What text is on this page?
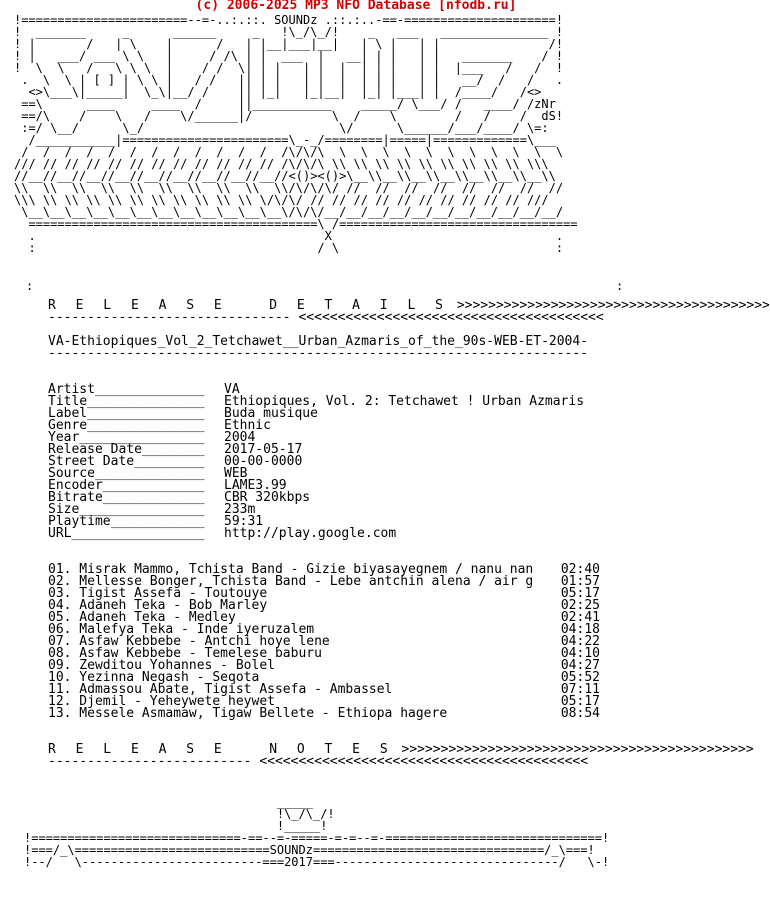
(c) 2006-2025 MP3 NFO Database [nfodb.ru]
!=======================--=-..:.::. SOUNDz .::.:..-==-=====================!
!  _______     _      ______     _   !\_/\_/!    _   ___   _______________ !
! |       /   | \    |      /   | |__|___|__|   | \ |   | |               /!
! |   ___/ ___ \ \   |     / /\ | |  ___  |   __| | |   | |   _______    / !
!  \  \   /   \ \ \  |    / /  \| | |   | |  |  | | |   | |  |___   /   /  !
.  \  \ | [ ] | \ \ |   / /   || | |   | |  |  | | |   | |   __/  /   /   .
<>\___\|_____|  \_\|__/ /    || |_|   |_|__|  |_| |___| |  /____/   /<>
==\      ____     ____  /     ||___________    _____/ \___/ /   ____/ /zNr
==/\    /    \   /    \/______|/           \  /    \        /   /    /  dS!
:=/ \__/      \_/                           \/      \______/___/____/ \=:
/___________|=======================\_-_/========|=====|=============\___
/  /  /  /  /  /  /  /  /  /  /  /  /\/\/\  \  \  \  \  \  \  \  \  \  \  \
/// // // // // // // // // // // // /\/\/\ \\ \\ \\ \\ \\ \\ \\ \\ \\ \\\
//__//__//__//__//__//__//__//__//__//<()><()>\__\\__\\__\\__\\__\\__\\__\\
\\  \\  \\  \\  \\  \\  \\  \\  \\  \\/\/\/\/ //  //  //  //  //  //  //  //
\\\ \\ \\ \\ \\ \\ \\ \\ \\ \\ \\ \/\/\/ // // // // // // // // // // ///
\__\__\__\__\__\__\__\__\__\__\__\__\/\/\/__/__/__/__/__/__/__/__/__/__/__/
========================================\ /=================================
.                                        X                               .
:                                       / \                              :
:	:
R E L E A S E   D E T A I L S >>>>>>>>>>>>>>>>>>>>>>>>>>>>>>>>>>>>>>>>
------------------------------- <<<<<<<<<<<<<<<<<<<<<<<<<<<<<<<<<<<<<<<
VA-Ethiopiques_Vol_2_Tetchawet__Urban_Azmaris_of_the_90s-WEB-ET-2004-
---------------------------------------------------------------------
Artist______________	VA
Title_______________	Ethiopiques, Vol. 2: Tetchawet ! Urban Azmaris
Label_______________	Buda musique
Genre_______________	Ethnic
Year________________	2004
Release Date________	2017-05-17
Street Date_________	00-00-0000
Source______________	WEB
Encoder_____________	LAME3.99
Bitrate_____________	CBR 320kbps
Size________________	233m
Playtime____________	59:31
URL_________________	http://play.google.com
01. Misrak Mammo, Tchista Band - Gizie biyasayegnem / nanu nan	02:40
02. Mellesse Bonger, Tchista Band - Lebe antchin alena / air g	01:57
03. Tigist Assefa - Toutouye	05:17
04. Adaneh Teka - Bob Marley	02:25
05. Adaneh Teka - Medley	02:41
06. Malefya Teka - Inde iyeruzalem	04:18
07. Asfaw Kebbebe - Antchi hoye lene	04:22
08. Asfaw Kebbebe - Temelese baburu	04:10
09. Zewditou Yohannes - Bolel	04:27
10. Yezinna Negash - Seqota	05:52
11. Admassou Abate, Tigist Assefa - Ambassel	07:11
12. Djemil - Yeheywete heywet	05:17
13. Messele Asmamaw, Tigaw Bellete - Ethiopa hagere	08:54
R E L E A S E   N O T E S >>>>>>>>>>>>>>>>>>>>>>>>>>>>>>>>>>>>>>>>>>>>>
-------------------------- <<<<<<<<<<<<<<<<<<<<<<<<<<<<<<<<<<<<<<<<<<
_____
!\_/\_/!
!_____!
!=============================-==--=-=====-=-=--=-==============================!
!===/_\===========================SOUNDz================================/_\===!
!--/   \-------------------------===2017===-------------------------------/   \-!
